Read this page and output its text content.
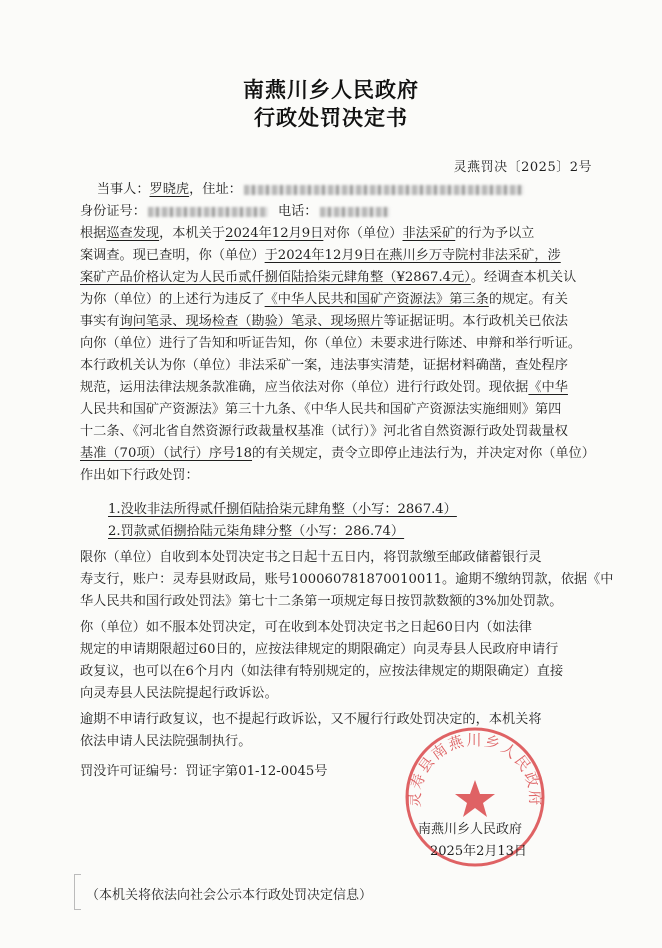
南燕川乡人民政府
行政处罚决定书
灵燕罚决〔2025〕2号
当事人：罗晓虎，住址：
身份证号：	电话：
根据巡查发现，本机关于2024年12月9日对你（单位）非法采矿的行为予以立
案调查。现已查明，你（单位）于2024年12月9日在燕川乡万寺院村非法采矿，涉
案矿产品价格认定为人民币贰仟捌佰陆拾柒元肆角整（¥2867.4元）。经调查本机关认
为你（单位）的上述行为违反了《中华人民共和国矿产资源法》第三条的规定。有关
事实有询问笔录、现场检查（勘验）笔录、现场照片等证据证明。本行政机关已依法
向你（单位）进行了告知和听证告知，你（单位）未要求进行陈述、申辩和举行听证。
本行政机关认为你（单位）非法采矿一案，违法事实清楚，证据材料确凿，查处程序
规范，运用法律法规条款准确，应当依法对你（单位）进行行政处罚。现依据《中华
人民共和国矿产资源法》第三十九条、《中华人民共和国矿产资源法实施细则》第四
十二条、《河北省自然资源行政裁量权基准（试行）》河北省自然资源行政处罚裁量权
基准（70项）（试行）序号18的有关规定，责令立即停止违法行为，并决定对你（单位）
作出如下行政处罚：
1.没收非法所得贰仟捌佰陆拾柒元肆角整（小写：2867.4）
2.罚款贰佰捌拾陆元柒角肆分整（小写：286.74）
限你（单位）自收到本处罚决定书之日起十五日内，将罚款缴至邮政储蓄银行灵
寿支行，账户：灵寿县财政局，账号100060781870010011。逾期不缴纳罚款，依据《中
华人民共和国行政处罚法》第七十二条第一项规定每日按罚款数额的3%加处罚款。
你（单位）如不服本处罚决定，可在收到本处罚决定书之日起60日内（如法律
规定的申请期限超过60日的，应按法律规定的期限确定）向灵寿县人民政府申请行
政复议，也可以在6个月内（如法律有特别规定的，应按法律规定的期限确定）直接
向灵寿县人民法院提起行政诉讼。
逾期不申请行政复议，也不提起行政诉讼，又不履行行政处罚决定的，本机关将
依法申请人民法院强制执行。
罚没许可证编号：罚证字第01-12-0045号
灵寿县南燕川乡人民政府
南燕川乡人民政府
2025年2月13日
（本机关将依法向社会公示本行政处罚决定信息）
